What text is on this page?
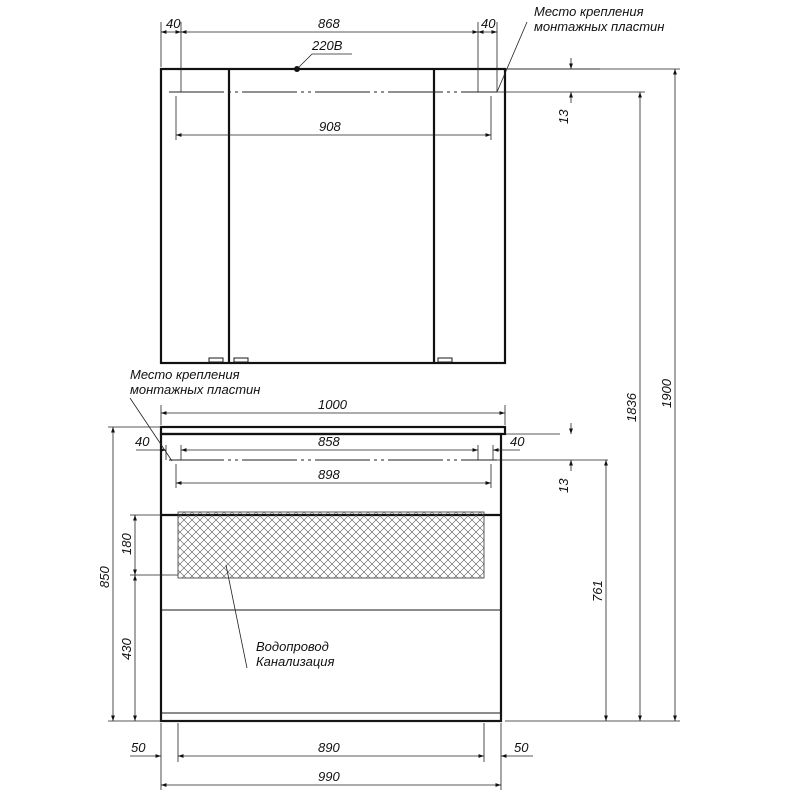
220В
40	868	40
908
Место крепления
монтажных пластин
13
Место крепления
монтажных пластин
1000
40	858	40
898
13
Водопровод
Канализация
850
180
430
761
1836 1900
50	890	50
990
